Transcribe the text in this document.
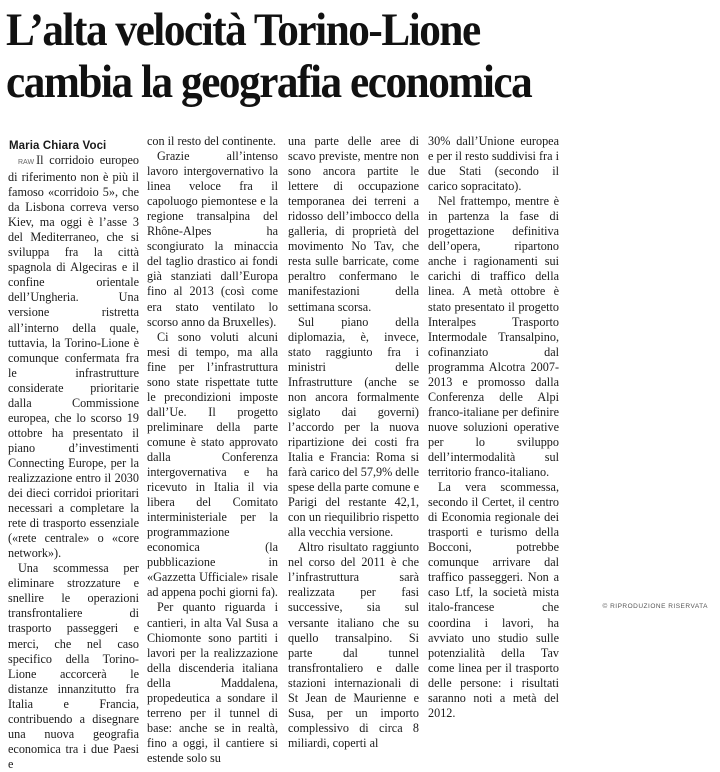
L’alta velocità Torino-Lione
cambia la geografia economica
Maria Chiara Voci

RAW Il corridoio europeo di riferimento non è più il famoso «corridoio 5», che da Lisbona correva verso Kiev, ma oggi è l’asse 3 del Mediterraneo, che si sviluppa fra la città spagnola di Algeciras e il confine orientale dell’Ungheria. Una versione ristretta all’interno della quale, tuttavia, la Torino-Lione è comunque confermata fra le infrastrutture considerate prioritarie dalla Commissione europea, che lo scorso 19 ottobre ha presentato il piano d’investimenti Connecting Europe, per la realizzazione entro il 2030 dei dieci corridoi prioritari necessari a completare la rete di trasporto essenziale («rete centrale» o «core network»).

Una scommessa per eliminare strozzature e snellire le operazioni transfrontaliere di trasporto passeggeri e merci, che nel caso specifico della Torino-Lione accorcerà le distanze innanzitutto fra Italia e Francia, contribuendo a disegnare una nuova geografia economica tra i due Paesi e

con il resto del continente.

Grazie all’intenso lavoro intergovernativo la linea veloce fra il capoluogo piemontese e la regione transalpina del Rhône-Alpes ha scongiurato la minaccia del taglio drastico ai fondi già stanziati dall’Europa fino al 2013 (così come era stato ventilato lo scorso anno da Bruxelles).

Ci sono voluti alcuni mesi di tempo, ma alla fine per l’infrastruttura sono state rispettate tutte le precondizioni imposte dall’Ue. Il progetto preliminare della parte comune è stato approvato dalla Conferenza intergovernativa e ha ricevuto in Italia il via libera del Comitato interministeriale per la programmazione economica (la pubblicazione in «Gazzetta Ufficiale» risale ad appena pochi giorni fa).

Per quanto riguarda i cantieri, in alta Val Susa a Chiomonte sono partiti i lavori per la realizzazione della discenderia italiana della Maddalena, propedeutica a sondare il terreno per il tunnel di base: anche se in realtà, fino a oggi, il cantiere si estende solo su

una parte delle aree di scavo previste, mentre non sono ancora partite le lettere di occupazione temporanea dei terreni a ridosso dell’imbocco della galleria, di proprietà del movimento No Tav, che resta sulle barricate, come peraltro confermano le manifestazioni della settimana scorsa.

Sul piano della diplomazia, è, invece, stato raggiunto fra i ministri delle Infrastrutture (anche se non ancora formalmente siglato dai governi) l’accordo per la nuova ripartizione dei costi fra Italia e Francia: Roma si farà carico del 57,9% delle spese della parte comune e Parigi del restante 42,1, con un riequilibrio rispetto alla vecchia versione.

Altro risultato raggiunto nel corso del 2011 è che l’infrastruttura sarà realizzata per fasi successive, sia sul versante italiano che su quello transalpino. Si parte dal tunnel transfrontaliero e dalle stazioni internazionali di St Jean de Maurienne e Susa, per un importo complessivo di circa 8 miliardi, coperti al

30% dall’Unione europea e per il resto suddivisi fra i due Stati (secondo il carico sopracitato).

Nel frattempo, mentre è in partenza la fase di progettazione definitiva dell’opera, ripartono anche i ragionamenti sui carichi di traffico della linea. A metà ottobre è stato presentato il progetto Interalpes Trasporto Intermodale Transalpino, cofinanziato dal programma Alcotra 2007-2013 e promosso dalla Conferenza delle Alpi franco-italiane per definire nuove soluzioni operative per lo sviluppo dell’intermodalità sul territorio franco-italiano.

La vera scommessa, secondo il Certet, il centro di Economia regionale dei trasporti e turismo della Bocconi, potrebbe comunque arrivare dal traffico passeggeri. Non a caso Ltf, la società mista italo-francese che coordina i lavori, ha avviato uno studio sulle potenzialità della Tav come linea per il trasporto delle persone: i risultati saranno noti a metà del 2012.

© RIPRODUZIONE RISERVATA
